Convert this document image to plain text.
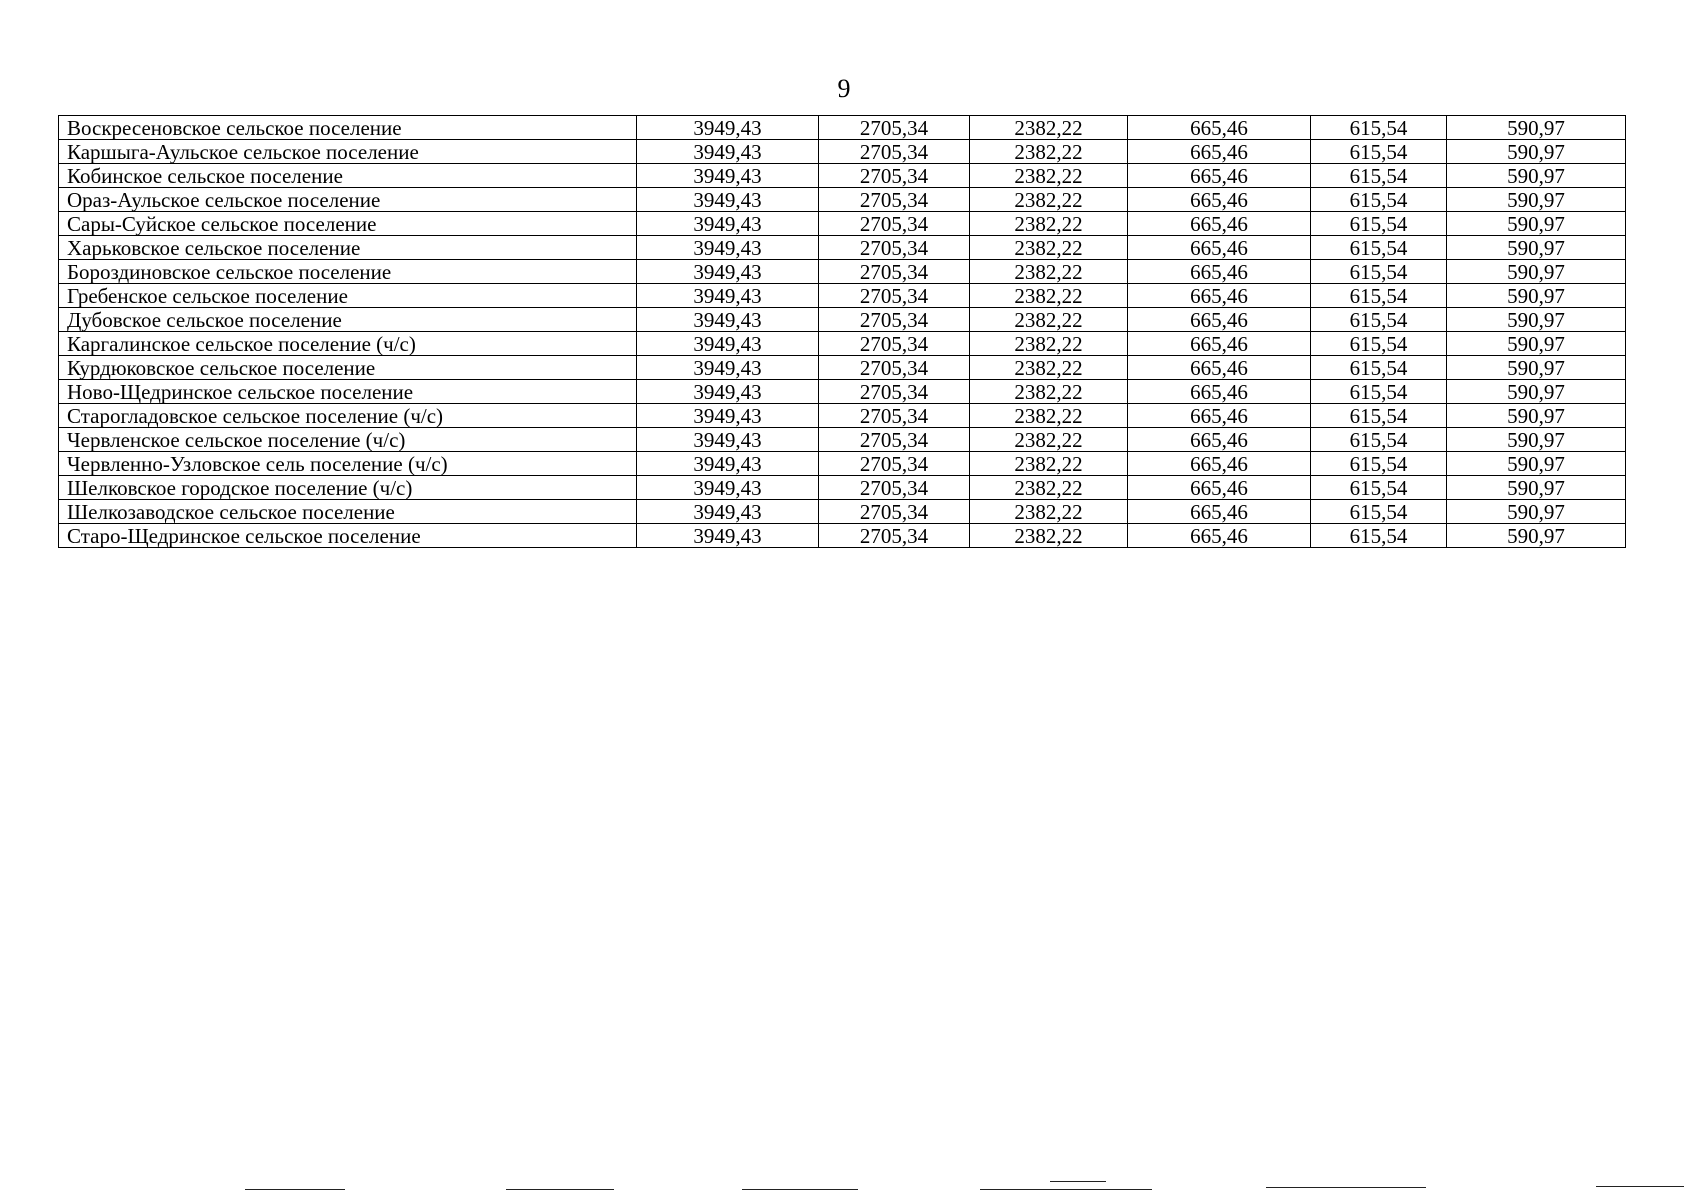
9
Воскресеновское сельское поселение	3949,43	2705,34	2382,22	665,46	615,54	590,97
Каршыга-Аульское сельское поселение	3949,43	2705,34	2382,22	665,46	615,54	590,97
Кобинское сельское поселение	3949,43	2705,34	2382,22	665,46	615,54	590,97
Ораз-Аульское сельское поселение	3949,43	2705,34	2382,22	665,46	615,54	590,97
Сары-Суйское сельское поселение	3949,43	2705,34	2382,22	665,46	615,54	590,97
Харьковское сельское поселение	3949,43	2705,34	2382,22	665,46	615,54	590,97
Бороздиновское сельское поселение	3949,43	2705,34	2382,22	665,46	615,54	590,97
Гребенское сельское поселение	3949,43	2705,34	2382,22	665,46	615,54	590,97
Дубовское сельское поселение	3949,43	2705,34	2382,22	665,46	615,54	590,97
Каргалинское сельское поселение (ч/с)	3949,43	2705,34	2382,22	665,46	615,54	590,97
Курдюковское сельское поселение	3949,43	2705,34	2382,22	665,46	615,54	590,97
Ново-Щедринское сельское поселение	3949,43	2705,34	2382,22	665,46	615,54	590,97
Старогладовское сельское поселение (ч/с)	3949,43	2705,34	2382,22	665,46	615,54	590,97
Червленское сельское поселение (ч/с)	3949,43	2705,34	2382,22	665,46	615,54	590,97
Червленно-Узловское сель поселение (ч/с)	3949,43	2705,34	2382,22	665,46	615,54	590,97
Шелковское городское поселение (ч/с)	3949,43	2705,34	2382,22	665,46	615,54	590,97
Шелкозаводское сельское поселение	3949,43	2705,34	2382,22	665,46	615,54	590,97
Старо-Щедринское сельское поселение	3949,43	2705,34	2382,22	665,46	615,54	590,97
